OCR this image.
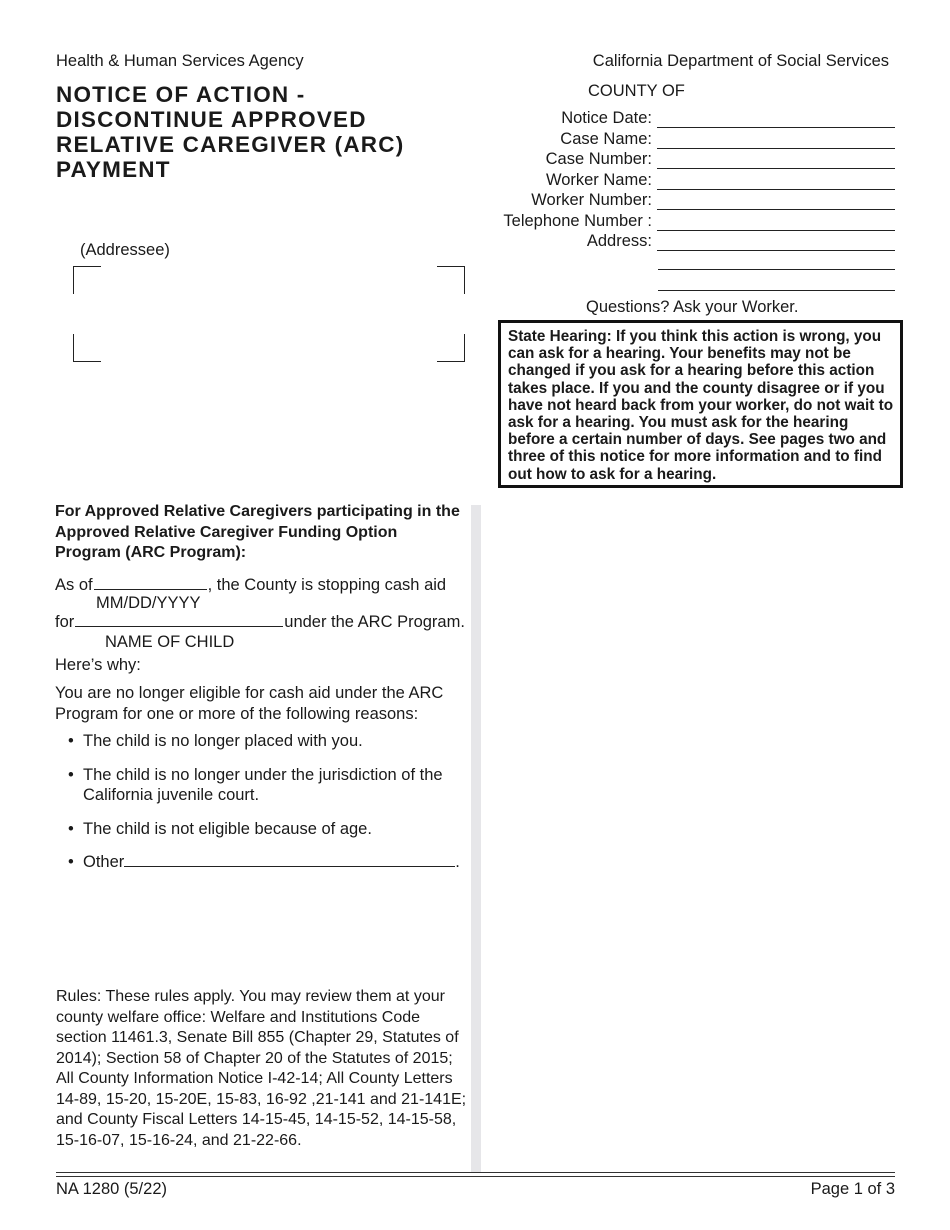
Health & Human Services Agency	California Department of Social Services
NOTICE OF ACTION - DISCONTINUE APPROVED RELATIVE CAREGIVER (ARC) PAYMENT
COUNTY OF
Notice Date:
Case Name:
Case Number:
Worker Name:
Worker Number:
Telephone Number :
Address:
(Addressee)
Questions? Ask your Worker.
State Hearing: If you think this action is wrong, you can ask for a hearing. Your benefits may not be changed if you ask for a hearing before this action takes place. If you and the county disagree or if you have not heard back from your worker, do not wait to ask for a hearing. You must ask for the hearing before a certain number of days. See pages two and three of this notice for more information and to find out how to ask for a hearing.

For Approved Relative Caregivers participating in the Approved Relative Caregiver Funding Option Program (ARC Program):

As of	, the County is stopping cash aid
MM/DD/YYYY
for	under the ARC Program.
NAME OF CHILD
Here’s why:
You are no longer eligible for cash aid under the ARC Program for one or more of the following reasons:
• The child is no longer placed with you.
• The child is no longer under the jurisdiction of the California juvenile court.
• The child is not eligible because of age.
• Other	.

Rules: These rules apply. You may review them at your county welfare office: Welfare and Institutions Code section 11461.3, Senate Bill 855 (Chapter 29, Statutes of 2014); Section 58 of Chapter 20 of the Statutes of 2015; All County Information Notice I-42-14; All County Letters 14-89, 15-20, 15-20E, 15-83, 16-92 ,21-141 and 21-141E; and County Fiscal Letters 14-15-45, 14-15-52, 14-15-58, 15-16-07, 15-16-24, and 21-22-66.

NA 1280 (5/22)	Page 1 of 3
